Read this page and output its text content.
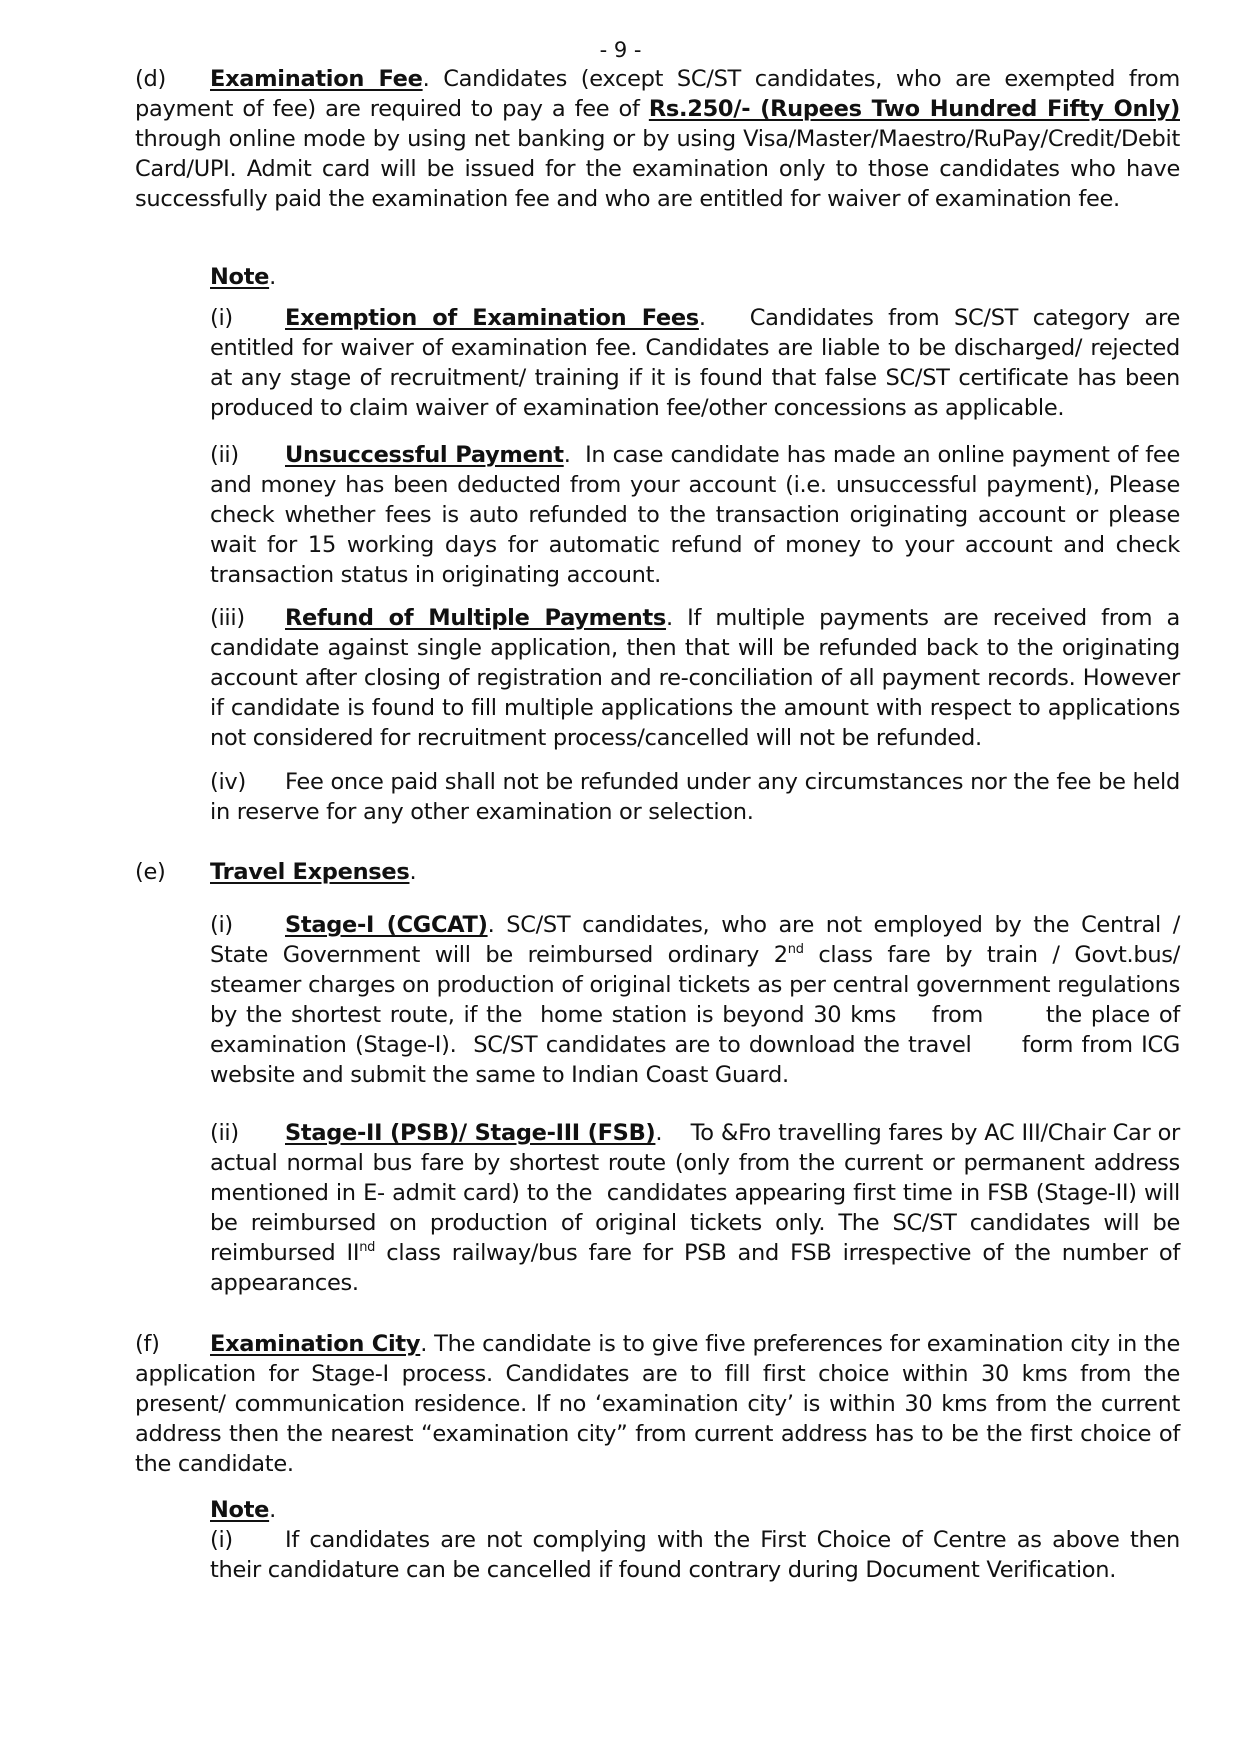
- 9 -
(d) Examination Fee. Candidates (except SC/ST candidates, who are exempted from payment of fee) are required to pay a fee of Rs.250/- (Rupees Two Hundred Fifty Only) through online mode by using net banking or by using Visa/Master/Maestro/RuPay/Credit/Debit Card/UPI. Admit card will be issued for the examination only to those candidates who have successfully paid the examination fee and who are entitled for waiver of examination fee.
Note.
(i) Exemption of Examination Fees.   Candidates from SC/ST category are entitled for waiver of examination fee. Candidates are liable to be discharged/ rejected at any stage of recruitment/ training if it is found that false SC/ST certificate has been produced to claim waiver of examination fee/other concessions as applicable.
(ii) Unsuccessful Payment.  In case candidate has made an online payment of fee and money has been deducted from your account (i.e. unsuccessful payment), Please check whether fees is auto refunded to the transaction originating account or please wait for 15 working days for automatic refund of money to your account and check transaction status in originating account.
(iii) Refund of Multiple Payments. If multiple payments are received from a candidate against single application, then that will be refunded back to the originating account after closing of registration and re-conciliation of all payment records. However if candidate is found to fill multiple applications the amount with respect to applications not considered for recruitment process/cancelled will not be refunded.
(iv) Fee once paid shall not be refunded under any circumstances nor the fee be held in reserve for any other examination or selection.
(e) Travel Expenses.
(i) Stage-I (CGCAT). SC/ST candidates, who are not employed by the Central / State Government will be reimbursed ordinary 2nd class fare by train / Govt.bus/ steamer charges on production of original tickets as per central government regulations by the shortest route, if the  home station is beyond 30 kms    from       the place of examination (Stage-I).  SC/ST candidates are to download the travel      form from ICG website and submit the same to Indian Coast Guard.
(ii) Stage-II (PSB)/ Stage-III (FSB).    To &Fro travelling fares by AC III/Chair Car or actual normal bus fare by shortest route (only from the current or permanent address mentioned in E- admit card) to the  candidates appearing first time in FSB (Stage-II) will be reimbursed on production of original tickets only. The SC/ST candidates will be reimbursed IInd class railway/bus fare for PSB and FSB irrespective of the number of appearances.
(f) Examination City. The candidate is to give five preferences for examination city in the application for Stage-I process. Candidates are to fill first choice within 30 kms from the present/ communication residence. If no ‘examination city’ is within 30 kms from the current address then the nearest “examination city” from current address has to be the first choice of the candidate.
Note.
(i) If candidates are not complying with the First Choice of Centre as above then their candidature can be cancelled if found contrary during Document Verification.
